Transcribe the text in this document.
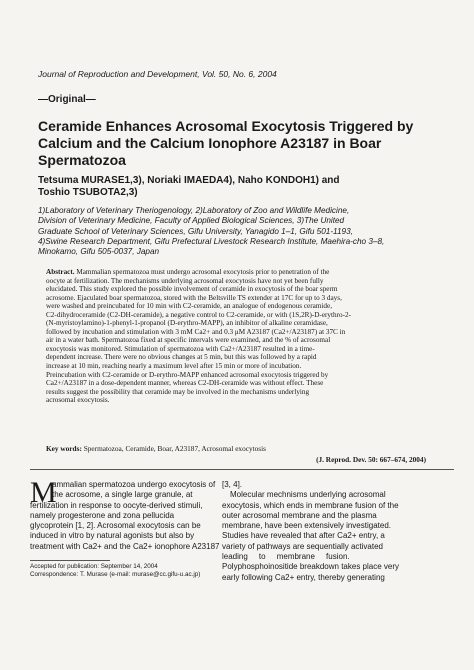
Journal of Reproduction and Development, Vol. 50, No. 6, 2004
—Original—
Ceramide Enhances Acrosomal Exocytosis Triggered by
Calcium and the Calcium Ionophore A23187 in Boar
Spermatozoa
Tetsuma MURASE1,3), Noriaki IMAEDA4), Naho KONDOH1) and
Toshio TSUBOTA2,3)
1)Laboratory of Veterinary Theriogenology, 2)Laboratory of Zoo and Wildlife Medicine,
Division of Veterinary Medicine, Faculty of Applied Biological Sciences, 3)The United
Graduate School of Veterinary Sciences, Gifu University, Yanagido 1–1, Gifu 501-1193,
4)Swine Research Department, Gifu Prefectural Livestock Research Institute, Maehira-cho 3–8,
Minokamo, Gifu 505-0037, Japan
Abstract. Mammalian spermatozoa must undergo acrosomal exocytosis prior to penetration of the
oocyte at fertilization. The mechanisms underlying acrosomal exocytosis have not yet been fully
elucidated. This study explored the possible involvement of ceramide in exocytosis of the boar sperm
acrosome. Ejaculated boar spermatozoa, stored with the Beltsville TS extender at 17C for up to 3 days,
were washed and preincubated for 10 min with C2-ceramide, an analogue of endogenous ceramide,
C2-dihydroceramide (C2-DH-ceramide), a negative control to C2-ceramide, or with (1S,2R)-D-erythro-2-
(N-myristoylamino)-1-phenyl-1-propanol (D-erythro-MAPP), an inhibitor of alkaline ceramidase,
followed by incubation and stimulation with 3 mM Ca2+ and 0.3 μM A23187 (Ca2+/A23187) at 37C in
air in a water bath. Spermatozoa fixed at specific intervals were examined, and the % of acrosomal
exocytosis was monitored. Stimulation of spermatozoa with Ca2+/A23187 resulted in a time-
dependent increase. There were no obvious changes at 5 min, but this was followed by a rapid
increase at 10 min, reaching nearly a maximum level after 15 min or more of incubation.
Preincubation with C2-ceramide or D-erythro-MAPP enhanced acrosomal exocytosis triggered by
Ca2+/A23187 in a dose-dependent manner, whereas C2-DH-ceramide was without effect. These
results suggest the possibility that ceramide may be involved in the mechanisms underlying
acrosomal exocytosis.
Key words: Spermatozoa, Ceramide, Boar, A23187, Acrosomal exocytosis
(J. Reprod. Dev. 50: 667–674, 2004)
M
ammalian spermatozoa undergo exocytosis of
the acrosome, a single large granule, at
fertilization in response to oocyte-derived stimuli,
namely progesterone and zona pellucida
glycoprotein [1, 2]. Acrosomal exocytosis can be
induced in vitro by natural agonists but also by
treatment with Ca2+ and the Ca2+ ionophore A23187
[3, 4].
Molecular mechnisms underlying acrosomal
exocytosis, which ends in membrane fusion of the
outer acrosomal membrane and the plasma
membrane, have been extensively investigated.
Studies have revealed that after Ca2+ entry, a
variety of pathways are sequentially activated
leading     to     membrane     fusion.
Polyphosphoinositide breakdown takes place very
early following Ca2+ entry, thereby generating
Accepted for publication: September 14, 2004
Correspondence: T. Murase (e-mail: murase@cc.gifu-u.ac.jp)
